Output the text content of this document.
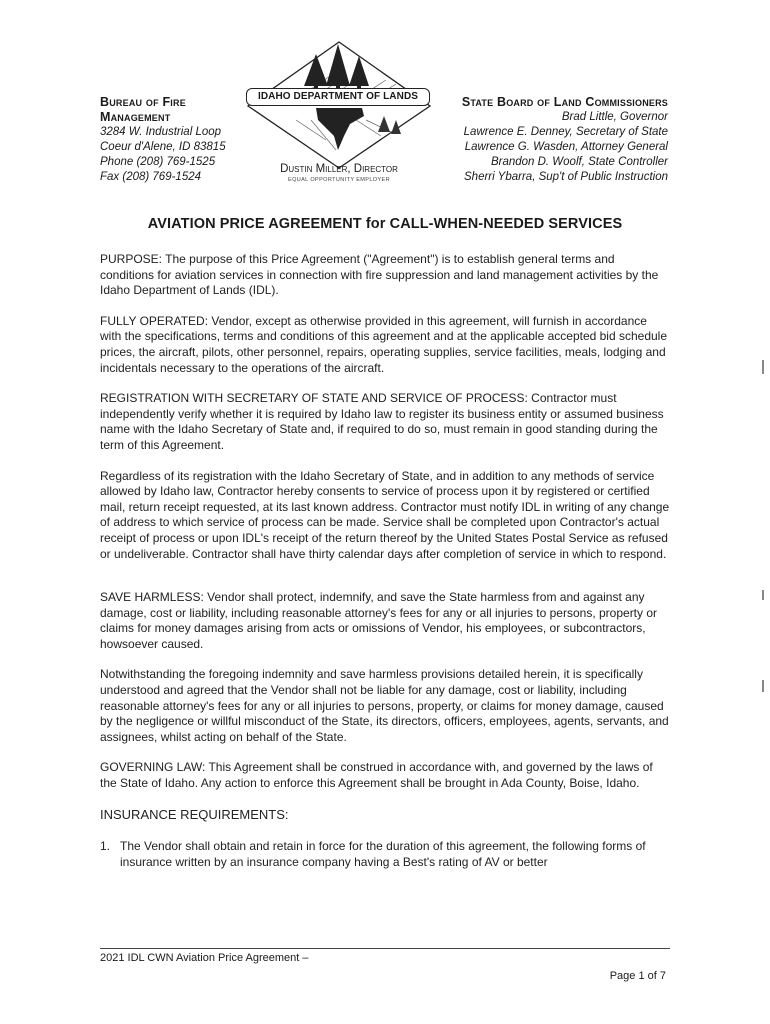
Bureau of Fire
Management
3284 W. Industrial Loop
Coeur d'Alene, ID 83815
Phone (208) 769-1525
Fax (208) 769-1524
IDAHO DEPARTMENT OF LANDS
Dustin Miller, Director
EQUAL OPPORTUNITY EMPLOYER
State Board of Land Commissioners
Brad Little, Governor
Lawrence E. Denney, Secretary of State
Lawrence G. Wasden, Attorney General
Brandon D. Woolf, State Controller
Sherri Ybarra, Sup't of Public Instruction
AVIATION PRICE AGREEMENT for CALL-WHEN-NEEDED SERVICES

PURPOSE: The purpose of this Price Agreement ("Agreement") is to establish general terms and conditions for aviation services in connection with fire suppression and land management activities by the Idaho Department of Lands (IDL).

FULLY OPERATED: Vendor, except as otherwise provided in this agreement, will furnish in accordance with the specifications, terms and conditions of this agreement and at the applicable accepted bid schedule prices, the aircraft, pilots, other personnel, repairs, operating supplies, service facilities, meals, lodging and incidentals necessary to the operations of the aircraft.

REGISTRATION WITH SECRETARY OF STATE AND SERVICE OF PROCESS: Contractor must independently verify whether it is required by Idaho law to register its business entity or assumed business name with the Idaho Secretary of State and, if required to do so, must remain in good standing during the term of this Agreement.

Regardless of its registration with the Idaho Secretary of State, and in addition to any methods of service allowed by Idaho law, Contractor hereby consents to service of process upon it by registered or certified mail, return receipt requested, at its last known address. Contractor must notify IDL in writing of any change of address to which service of process can be made. Service shall be completed upon Contractor's actual receipt of process or upon IDL's receipt of the return thereof by the United States Postal Service as refused or undeliverable. Contractor shall have thirty calendar days after completion of service in which to respond.

SAVE HARMLESS: Vendor shall protect, indemnify, and save the State harmless from and against any damage, cost or liability, including reasonable attorney's fees for any or all injuries to persons, property or claims for money damages arising from acts or omissions of Vendor, his employees, or subcontractors, howsoever caused.

Notwithstanding the foregoing indemnity and save harmless provisions detailed herein, it is specifically understood and agreed that the Vendor shall not be liable for any damage, cost or liability, including reasonable attorney's fees for any or all injuries to persons, property, or claims for money damage, caused by the negligence or willful misconduct of the State, its directors, officers, employees, agents, servants, and assignees, whilst acting on behalf of the State.

GOVERNING LAW: This Agreement shall be construed in accordance with, and governed by the laws of the State of Idaho. Any action to enforce this Agreement shall be brought in Ada County, Boise, Idaho.

INSURANCE REQUIREMENTS:
1. The Vendor shall obtain and retain in force for the duration of this agreement, the following forms of insurance written by an insurance company having a Best's rating of AV or better
2021 IDL CWN Aviation Price Agreement –
Page 1 of 7
